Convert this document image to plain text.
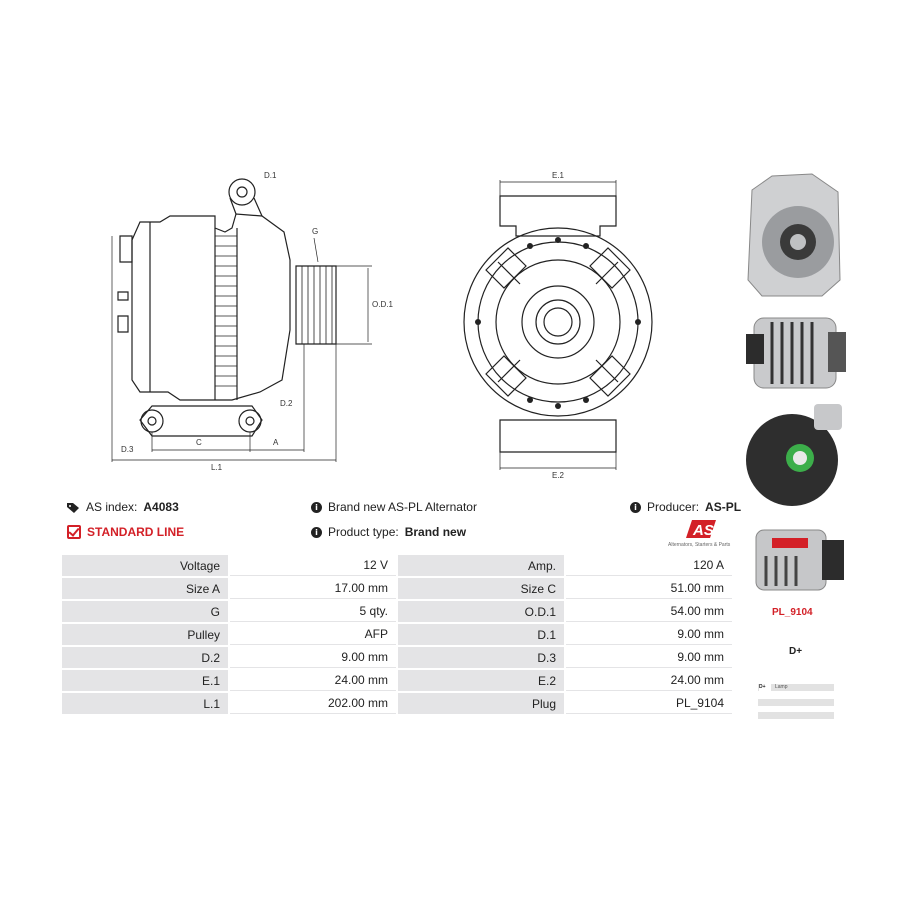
D.1
G
O.D.1
D.2
D.3
C	A
L.1
E.1
E.2
AS index: A4083
STANDARD LINE
i Brand new AS-PL Alternator
i Product type: Brand new
i Producer: AS-PL
AS
Alternators, Starters & Parts
Voltage	12 V	Amp.	120 A
Size A	17.00 mm	Size C	51.00 mm
G	5 qty.	O.D.1	54.00 mm
Pulley	AFP	D.1	9.00 mm
D.2	9.00 mm	D.3	9.00 mm
E.1	24.00 mm	E.2	24.00 mm
L.1	202.00 mm	Plug	PL_9104
PL_9104
D+
D+ Lamp
